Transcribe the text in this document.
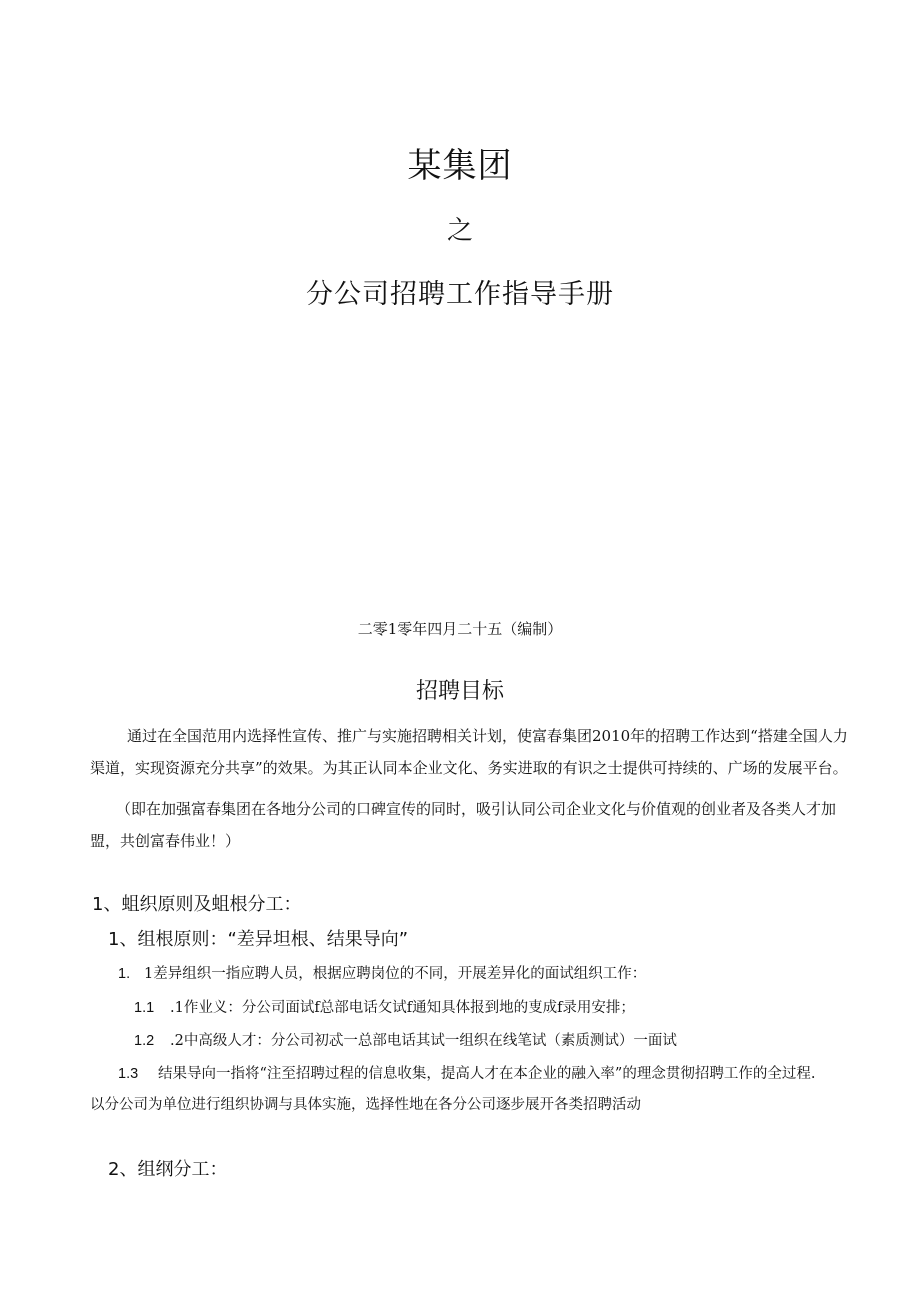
某集团
之
分公司招聘工作指导手册
二零1零年四月二十五（编制）
招聘目标
通过在全国范用内选择性宣传、推广与实施招聘相关计划，使富春集团2010年的招聘工作达到“搭建全国人力
渠道，实现资源充分共享”的效果。为其正认同本企业文化、务实进取的有识之士提供可持续的、广场的发展平台。
（即在加强富春集团在各地分公司的口碑宣传的同时，吸引认同公司企业文化与价值观的创业者及各类人才加
盟，共创富春伟业！）
1、蛆织原则及蛆根分工：
1、组根原则：“差异坦根、结果导向”
1. 1差异组织一指应聘人员，根据应聘岗位的不同，开展差异化的面试组织工作：
1.1 .1作业义：分公司面试f总部电话攵试f通知具体报到地的叓成f录用安排；
1.2 .2中高级人才：分公司初忒一总部电话其试一组织在线笔试（素质测试）一面试
1.3 结果导向一指将“注至招聘过程的信息收集，提高人才在本企业的融入率”的理念贯彻招聘工作的全过程.
以分公司为单位进行组织协调与具体实施，选择性地在各分公司逐步展开各类招聘活动
2、组纲分工：
